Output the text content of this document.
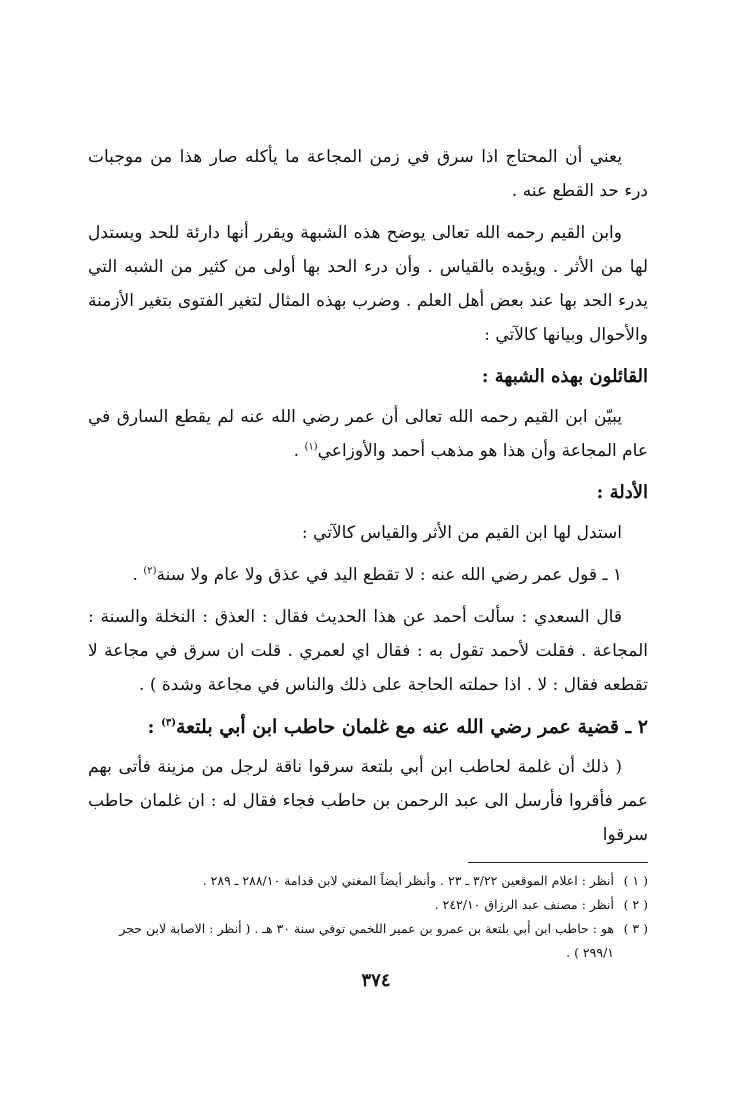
يعني أن المحتاج اذا سرق في زمن المجاعة ما يأكله صار هذا من موجبات درء حد القطع عنه .

وابن القيم رحمه الله تعالى يوضح هذه الشبهة ويقرر أنها دارئة للحد ويستدل لها من الأثر . ويؤيده بالقياس . وأن درء الحد بها أولى من كثير من الشبه التي يدرء الحد بها عند بعض أهل العلم . وضرب بهذه المثال لتغير الفتوى بتغير الأزمنة والأحوال وبيانها كالآتي :

القائلون بهذه الشبهة :

يبيّن ابن القيم رحمه الله تعالى أن عمر رضي الله عنه لم يقطع السارق في عام المجاعة وأن هذا هو مذهب أحمد والأوزاعي$^{(١)}$ .

الأدلة :

استدل لها ابن القيم من الأثر والقياس كالآتي :

١ ـ قول عمر رضي الله عنه : لا تقطع اليد في عذق ولا عام ولا سنة$^{(٢)}$ .

قال السعدي : سألت أحمد عن هذا الحديث فقال : العذق : النخلة والسنة : المجاعة . فقلت لأحمد تقول به : فقال اي لعمري . قلت ان سرق في مجاعة لا تقطعه فقال : لا . اذا حملته الحاجة على ذلك والناس في مجاعة وشدة ) .

٢ ـ قضية عمر رضي الله عنه مع غلمان حاطب ابن أبي بلتعة$^{(٣)}$ :

( ذلك أن غلمة لحاطب ابن أبي بلتعة سرقوا ناقة لرجل من مزينة فأتى بهم عمر فأقروا فأرسل الى عبد الرحمن بن حاطب فجاء فقال له : ان غلمان حاطب سرقوا

( ١ )
أنظر : اعلام الموقعين ٣/٢٢ ـ ٢٣ . وأنظر أيضاً المغني لابن قدامة ٢٨٨/١٠ ـ ٢٨٩ .
( ٢ )
أنظر : مصنف عبد الرزاق ٢٤٢/١٠ .
( ٣ )
هو : حاطب ابن أبي بلتعة بن عمرو بن عمير اللخمي توفي سنة ٣٠ هـ . ( أنظر : الاصابة لابن حجر ٢٩٩/١ ) .
٣٧٤
